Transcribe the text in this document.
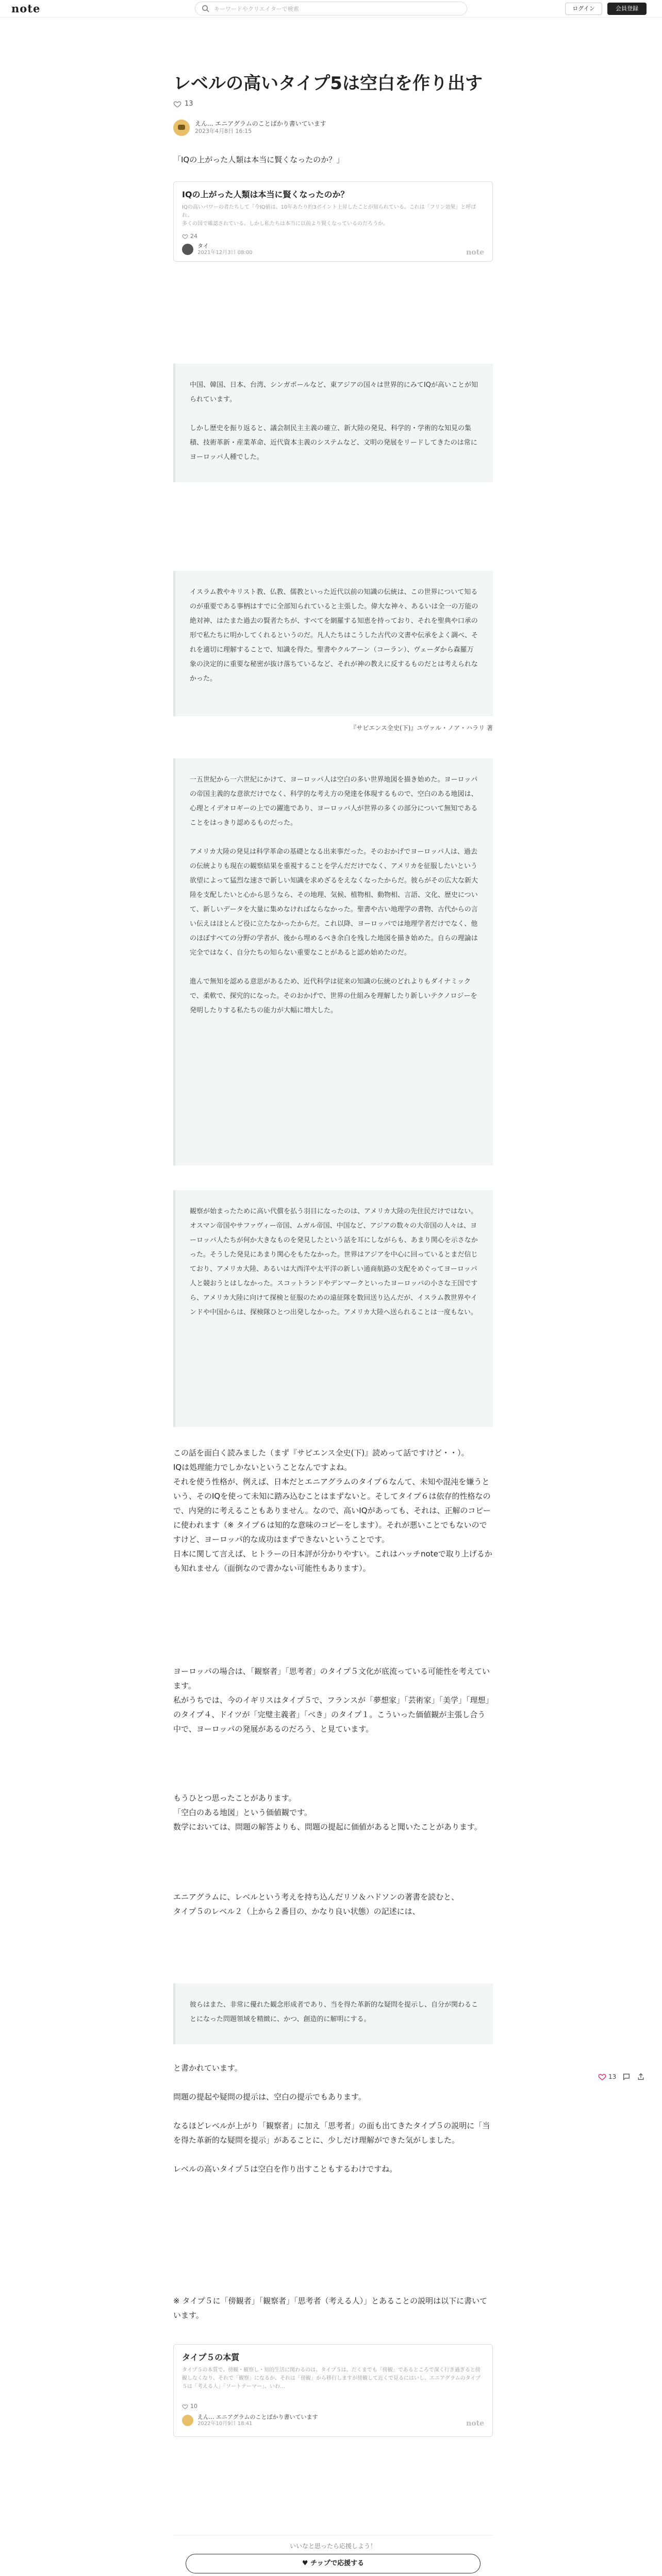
note
キーワードやクリエイターで検索	ログイン	会員登録
レベルの高いタイプ5は空白を作り出す
13
えん... エニアグラムのことばかり書いています
2023年4月8日 16:15

「IQの上がった人類は本当に賢くなったのか？」

IQの上がった人類は本当に賢くなったのか？
IQの高いパワーの者たちして「今IQ値は、10年あたり約3ポイント上昇したことが知られている。これは「フリン効果」と呼ばれ、
多くの国で確認されている。しかし私たちは本当に以前より賢くなっているのだろうか。
24
タイ
2021年12月3日 08:00	note
中国、韓国、日本、台湾、シンガポールなど、東アジアの国々は世界的にみてIQが高いことが知られています。

しかし歴史を振り返ると、議会制民主主義の確立、新大陸の発見、科学的・学術的な知見の集積、技術革新・産業革命、近代資本主義のシステムなど、文明の発展をリードしてきたのは常にヨーロッパ人種でした。
イスラム教やキリスト教、仏教、儒教といった近代以前の知識の伝統は、この世界について知るのが重要である事柄はすでに全部知られていると主張した。偉大な神々、あるいは全一の万能の絶対神、はたまた過去の賢者たちが、すべてを網羅する知恵を持っており、それを聖典や口承の形で私たちに明かしてくれるというのだ。凡人たちはこうした古代の文書や伝承をよく調べ、それを適切に理解することで、知識を得た。聖書やクルアーン（コーラン）、ヴェーダから森羅万象の決定的に重要な秘密が抜け落ちているなど、それが神の教えに反するものだとは考えられなかった。
『サピエンス全史(下)』ユヴァル・ノア・ハラリ 著
一五世紀から一六世紀にかけて、ヨーロッパ人は空白の多い世界地図を描き始めた。ヨーロッパの帝国主義的な意欲だけでなく、科学的な考え方の発達を体現するもので、空白のある地図は、心理とイデオロギーの上での躍進であり、ヨーロッパ人が世界の多くの部分について無知であることをはっきり認めるものだった。

アメリカ大陸の発見は科学革命の基礎となる出来事だった。そのおかげでヨーロッパ人は、過去の伝統よりも現在の観察結果を重視することを学んだだけでなく、アメリカを征服したいという欲望によって猛烈な速さで新しい知識を求めざるをえなくなったからだ。彼らがその広大な新大陸を支配したいと心から思うなら、その地理、気候、植物相、動物相、言語、文化、歴史について、新しいデータを大量に集めなければならなかった。聖書や古い地理学の書物、古代からの言い伝えはほとんど役に立たなかったからだ。これ以降、ヨーロッパでは地理学者だけでなく、他のほぼすべての分野の学者が、後から埋めるべき余白を残した地図を描き始めた。自らの理論は完全ではなく、自分たちの知らない重要なことがあると認め始めたのだ。

進んで無知を認める意思があるため、近代科学は従来の知識の伝統のどれよりもダイナミックで、柔軟で、探究的になった。そのおかげで、世界の仕組みを理解したり新しいテクノロジーを発明したりする私たちの能力が大幅に増大した。
観察が始まったために高い代償を払う羽目になったのは、アメリカ大陸の先住民だけではない。オスマン帝国やサファヴィー帝国、ムガル帝国、中国など、アジアの数々の大帝国の人々は、ヨーロッパ人たちが何か大きなものを発見したという話を耳にしながらも、あまり関心を示さなかった。そうした発見にあまり関心をもたなかった。世界はアジアを中心に回っているとまだ信じており、アメリカ大陸、あるいは大西洋や太平洋の新しい通商航路の支配をめぐってヨーロッパ人と競おうとはしなかった。スコットランドやデンマークといったヨーロッパの小さな王国ですら、アメリカ大陸に向けて探検と征服のための遠征隊を数回送り込んだが、イスラム教世界やインドや中国からは、探検隊ひとつ出発しなかった。アメリカ大陸へ送られることは一度もない。

この話を面白く読みました（まず『サピエンス全史(下)』読めって話ですけど・・）。
IQは処理能力でしかないということなんですよね。
それを使う性格が、例えば、日本だとエニアグラムのタイプ６なんて、未知や混沌を嫌うという、そのIQを使って未知に踏み込むことはまずないと。そしてタイプ６は依存的性格なので、内発的に考えることもありません。なので、高いIQがあっても、それは、正解のコピーに使われます（※ タイプ６は知的な意味のコピーをします）。それが悪いことでもないのですけど、ヨーロッパ的な成功はまずできないということです。
日本に関して言えば、ヒトラーの日本評が分かりやすい。これはハッチnoteで取り上げるかも知れません（面倒なので書かない可能性もあります）。

ヨーロッパの場合は、「観察者」「思考者」のタイプ５文化が底流っている可能性を考えています。
私がうちでは、今のイギリスはタイプ５で、フランスが「夢想家」「芸術家」「美学」「理想」のタイプ４、ドイツが「完璧主義者」「べき」のタイプ１。こういった価値観が主張し合う中で、ヨーロッパの発展があるのだろう、と見ています。

もうひとつ思ったことがあります。
「空白のある地図」という価値観です。
数学においては、問題の解答よりも、問題の提起に価値があると聞いたことがあります。

エニアグラムに、レベルという考えを持ち込んだリソ＆ハドソンの著書を読むと、
タイプ５のレベル２（上から２番目の、かなり良い状態）の記述には、

彼らはまた、非常に優れた観念形成者であり、当を得た革新的な疑問を提示し、自分が関わることになった問題領域を精緻に、かつ、創造的に解明にする。

と書かれています。

問題の提起や疑問の提示は、空白の提示でもあります。

なるほどレベルが上がり「観察者」に加え「思考者」の面も出てきたタイプ５の説明に「当を得た革新的な疑問を提示」があることに、少しだけ理解ができた気がしました。

レベルの高いタイプ５は空白を作り出すこともするわけですね。

※ タイプ５に「傍観者」「観察者」「思考者（考える人）」とあることの説明は以下に書いています。

13
タイプ５の本質
タイプ５の本質で、傍観・観察し・知的生活に関わるのは、タイプ５は、だくまでも「傍観」であるところで深く行き過ぎると傍観しなくなり、それで「観察」になるか、それは「傍観」から移行しますが傍観して近くで見るにはいし、エニアグラムのタイプ５は「考える人」「ソートテーマー」、いわ…
10
えん... エニアグラムのことばかり書いています
2022年10月9日 18:41	note
いいなと思ったら応援しよう！
♥ チップで応援する
